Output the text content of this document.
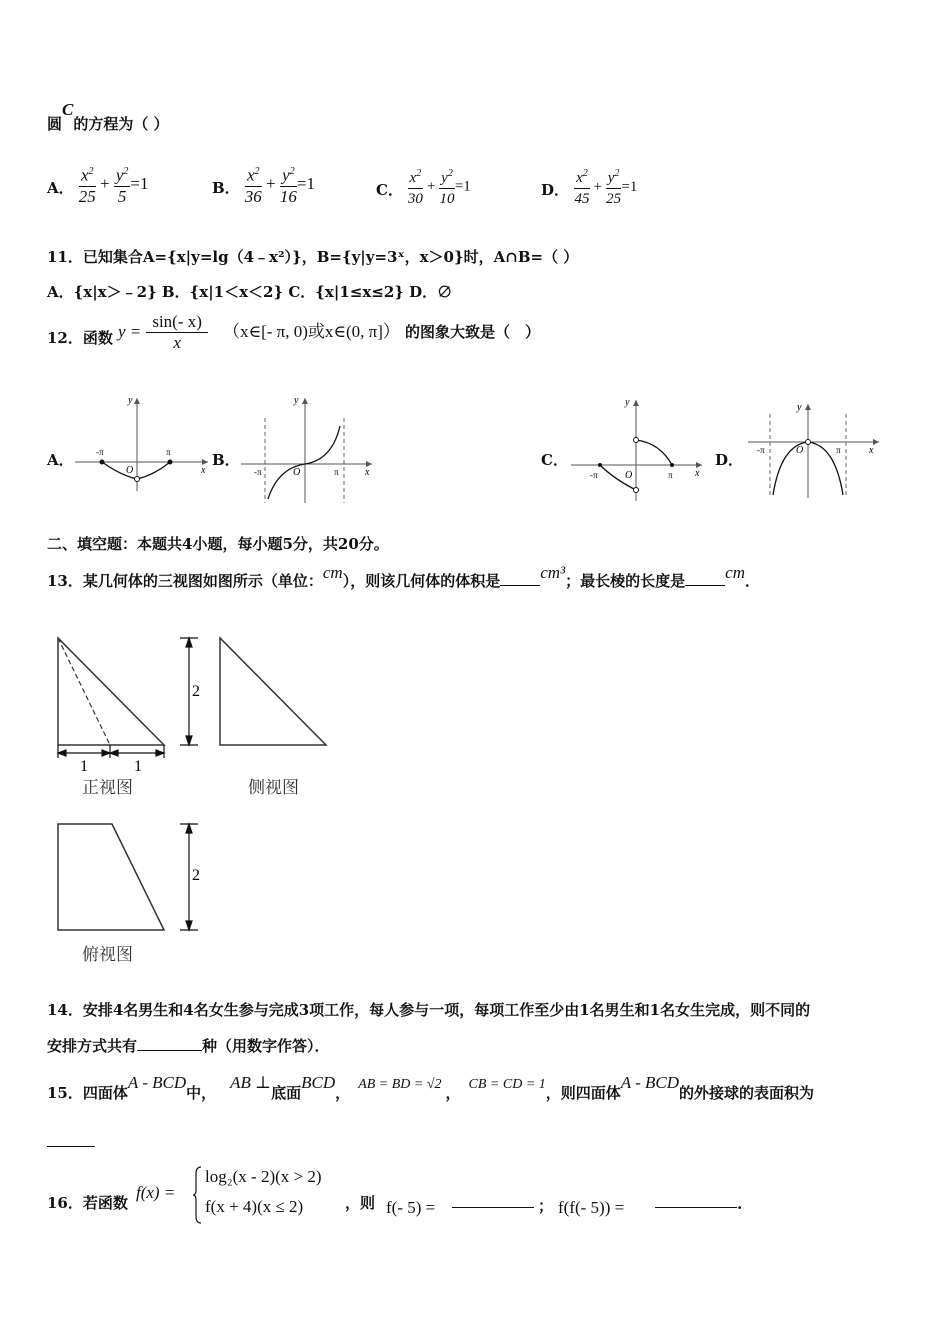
圆C的方程为（ ）
A． $\frac{x^2}{25} + \frac{y^2}{5} =1$	B． $\frac{x^2}{36} + \frac{y^2}{16} =1$	C． $\frac{x^2}{30} + \frac{y^2}{10} =1$	D． $\frac{x^2}{45} + \frac{y^2}{25} =1$
11．已知集合A={x|y=lg（4﹣x²）}，B={y|y=3ˣ，x＞0}时，A∩B=（ ）
A．{x|x＞﹣2} B．{x|1＜x＜2} C．{x|1≤x≤2} D．∅
12．函数 $y = \frac{\sin(- x)}{x}$ （x∈[- π, 0)或x∈(0, π]） 的图象大致是（　）
A． -π	π
O	x
y
B．
-π	π
O	x
y
C．
-π	π
O	x
y
D．
-π	π
O	x
y
二、填空题：本题共4小题，每小题5分，共20分。
13．某几何体的三视图如图所示（单位：cm），则该几何体的体积是 cm³；最长棱的长度是 cm．
1	1
2
2
正视图	侧视图
俯视图
14．安排4名男生和4名女生参与完成3项工作，每人参与一项，每项工作至少由1名男生和1名女生完成，则不同的
安排方式共有	种（用数字作答）．
15．四面体A - BCD中，AB ⊥底面BCD， AB = BD = √2 ， CB = CD = 1，则四面体A - BCD的外接球的表面积为
16．若函数
f(x) =
log₂(x - 2)(x > 2)
f(x + 4)(x ≤ 2)	，则 f(- 5) =	； f(f(- 5)) =	.
